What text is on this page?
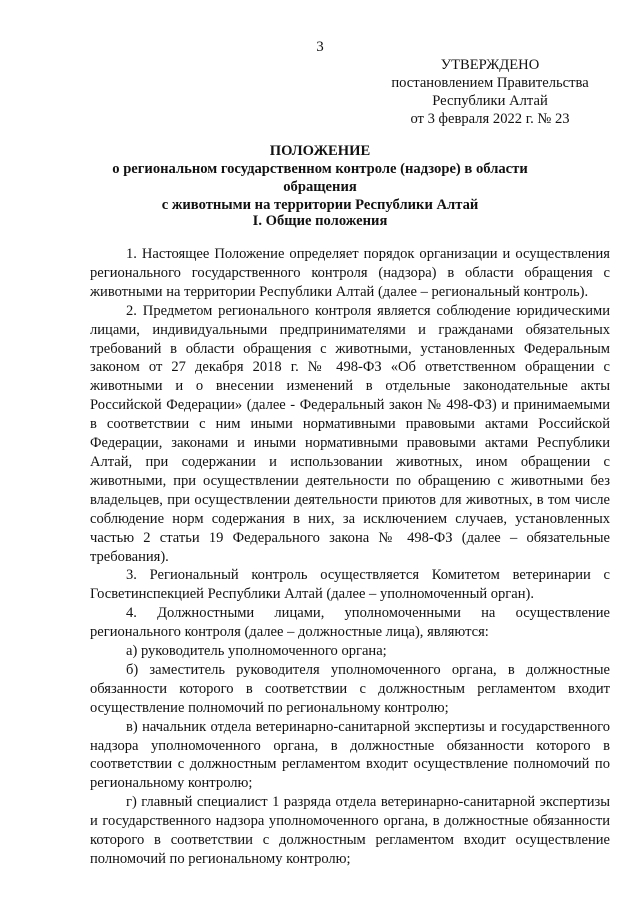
3
УТВЕРЖДЕНО
постановлением Правительства
Республики Алтай
от 3 февраля 2022 г. № 23
ПОЛОЖЕНИЕ
о региональном государственном контроле (надзоре) в области обращения
с животными на территории Республики Алтай
I. Общие положения

1. Настоящее Положение определяет порядок организации и осуществления регионального государственного контроля (надзора) в области обращения с животными на территории Республики Алтай (далее – региональный контроль).

2. Предметом регионального контроля является соблюдение юридическими лицами, индивидуальными предпринимателями и гражданами обязательных требований в области обращения с животными, установленных Федеральным законом от 27 декабря 2018 г. № 498-ФЗ «Об ответственном обращении с животными и о внесении изменений в отдельные законодательные акты Российской Федерации» (далее - Федеральный закон № 498-ФЗ) и принимаемыми в соответствии с ним иными нормативными правовыми актами Российской Федерации, законами и иными нормативными правовыми актами Республики Алтай, при содержании и использовании животных, ином обращении с животными, при осуществлении деятельности по обращению с животными без владельцев, при осуществлении деятельности приютов для животных, в том числе соблюдение норм содержания в них, за исключением случаев, установленных частью 2 статьи 19 Федерального закона № 498-ФЗ (далее – обязательные требования).

3. Региональный контроль осуществляется Комитетом ветеринарии с Госветинспекцией Республики Алтай (далее – уполномоченный орган).

4. Должностными лицами, уполномоченными на осуществление регионального контроля (далее – должностные лица), являются:

а) руководитель уполномоченного органа;

б) заместитель руководителя уполномоченного органа, в должностные обязанности которого в соответствии с должностным регламентом входит осуществление полномочий по региональному контролю;

в) начальник отдела ветеринарно-санитарной экспертизы и государственного надзора уполномоченного органа, в должностные обязанности которого в соответствии с должностным регламентом входит осуществление полномочий по региональному контролю;

г) главный специалист 1 разряда отдела ветеринарно-санитарной экспертизы и государственного надзора уполномоченного органа, в должностные обязанности которого в соответствии с должностным регламентом входит осуществление полномочий по региональному контролю;
